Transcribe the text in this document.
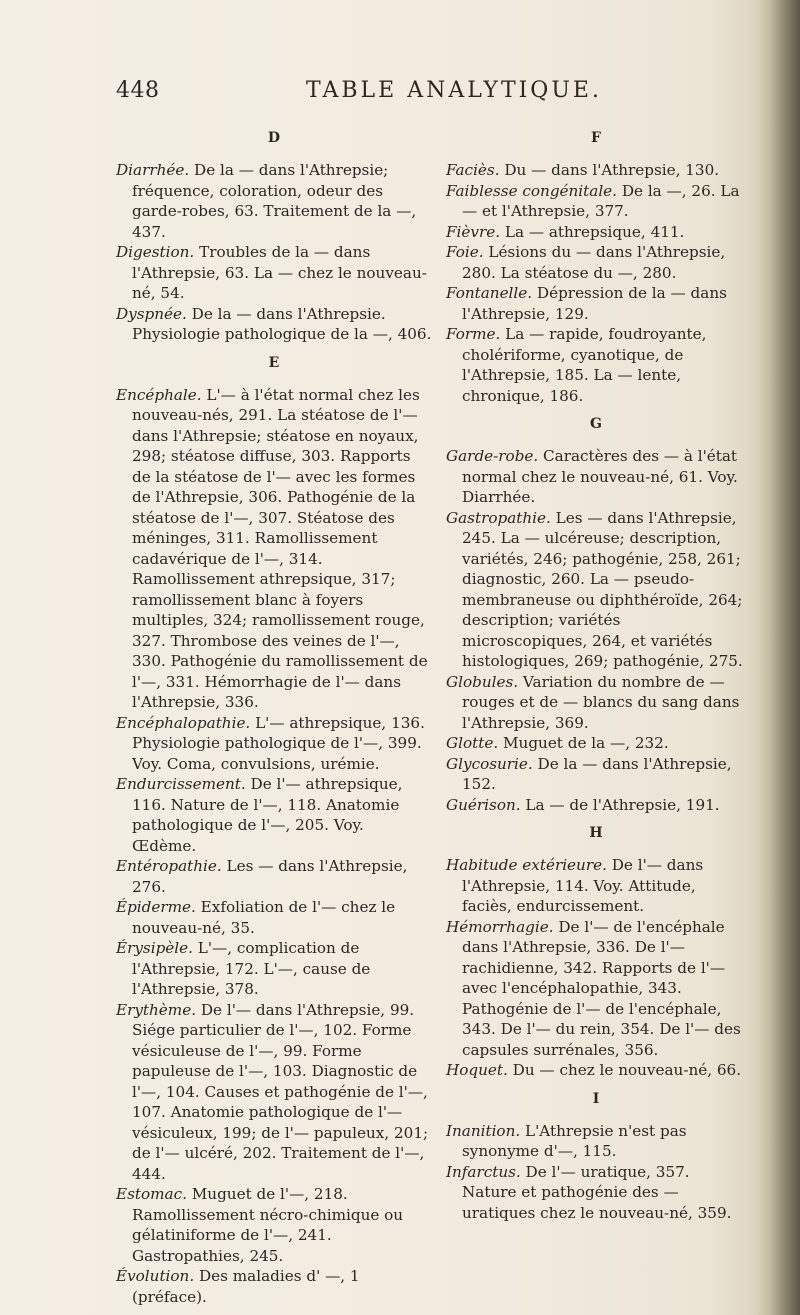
448	TABLE ANALYTIQUE.
D

Diarrhée. De la — dans l'Athrepsie; fréquence, coloration, odeur des garde-robes, 63. Traitement de la —, 437.

Digestion. Troubles de la — dans l'Athrepsie, 63. La — chez le nouveau-né, 54.

Dyspnée. De la — dans l'Athrepsie. Physiologie pathologique de la —, 406.

E

Encéphale. L'— à l'état normal chez les nouveau-nés, 291. La stéatose de l'— dans l'Athrepsie; stéatose en noyaux, 298; stéatose diffuse, 303. Rapports de la stéatose de l'— avec les formes de l'Athrepsie, 306. Pathogénie de la stéatose de l'—, 307. Stéatose des méninges, 311. Ramollissement cadavérique de l'—, 314. Ramollissement athrepsique, 317; ramollissement blanc à foyers multiples, 324; ramollissement rouge, 327. Thrombose des veines de l'—, 330. Pathogénie du ramollissement de l'—, 331. Hémorrhagie de l'— dans l'Athrepsie, 336.

Encéphalopathie. L'— athrepsique, 136. Physiologie pathologique de l'—, 399. Voy. Coma, convulsions, urémie.

Endurcissement. De l'— athrepsique, 116. Nature de l'—, 118. Anatomie pathologique de l'—, 205. Voy. Œdème.

Entéropathie. Les — dans l'Athrepsie, 276.

Épiderme. Exfoliation de l'— chez le nouveau-né, 35.

Érysipèle. L'—, complication de l'Athrepsie, 172. L'—, cause de l'Athrepsie, 378.

Erythème. De l'— dans l'Athrepsie, 99. Siége particulier de l'—, 102. Forme vésiculeuse de l'—, 99. Forme papuleuse de l'—, 103. Diagnostic de l'—, 104. Causes et pathogénie de l'—, 107. Anatomie pathologique de l'— vésiculeux, 199; de l'— papuleux, 201; de l'— ulcéré, 202. Traitement de l'—, 444.

Estomac. Muguet de l'—, 218. Ramollissement nécro-chimique ou gélatiniforme de l'—, 241. Gastropathies, 245.

Évolution. Des maladies d' —, 1 (préface).

F

Faciès. Du — dans l'Athrepsie, 130.

Faiblesse congénitale. De la —, 26. La — et l'Athrepsie, 377.

Fièvre. La — athrepsique, 411.

Foie. Lésions du — dans l'Athrepsie, 280. La stéatose du —, 280.

Fontanelle. Dépression de la — dans l'Athrepsie, 129.

Forme. La — rapide, foudroyante, cholériforme, cyanotique, de l'Athrepsie, 185. La — lente, chronique, 186.

G

Garde-robe. Caractères des — à l'état normal chez le nouveau-né, 61. Voy. Diarrhée.

Gastropathie. Les — dans l'Athrepsie, 245. La — ulcéreuse; description, variétés, 246; pathogénie, 258, 261; diagnostic, 260. La — pseudo-membraneuse ou diphthéroïde, 264; description; variétés microscopiques, 264, et variétés histologiques, 269; pathogénie, 275.

Globules. Variation du nombre de — rouges et de — blancs du sang dans l'Athrepsie, 369.

Glotte. Muguet de la —, 232.

Glycosurie. De la — dans l'Athrepsie, 152.

Guérison. La — de l'Athrepsie, 191.

H

Habitude extérieure. De l'— dans l'Athrepsie, 114. Voy. Attitude, faciès, endurcissement.

Hémorrhagie. De l'— de l'encéphale dans l'Athrepsie, 336. De l'— rachidienne, 342. Rapports de l'— avec l'encéphalopathie, 343. Pathogénie de l'— de l'encéphale, 343. De l'— du rein, 354. De l'— des capsules surrénales, 356.

Hoquet. Du — chez le nouveau-né, 66.

I

Inanition. L'Athrepsie n'est pas synonyme d'—, 115.

Infarctus. De l'— uratique, 357. Nature et pathogénie des — uratiques chez le nouveau-né, 359.
